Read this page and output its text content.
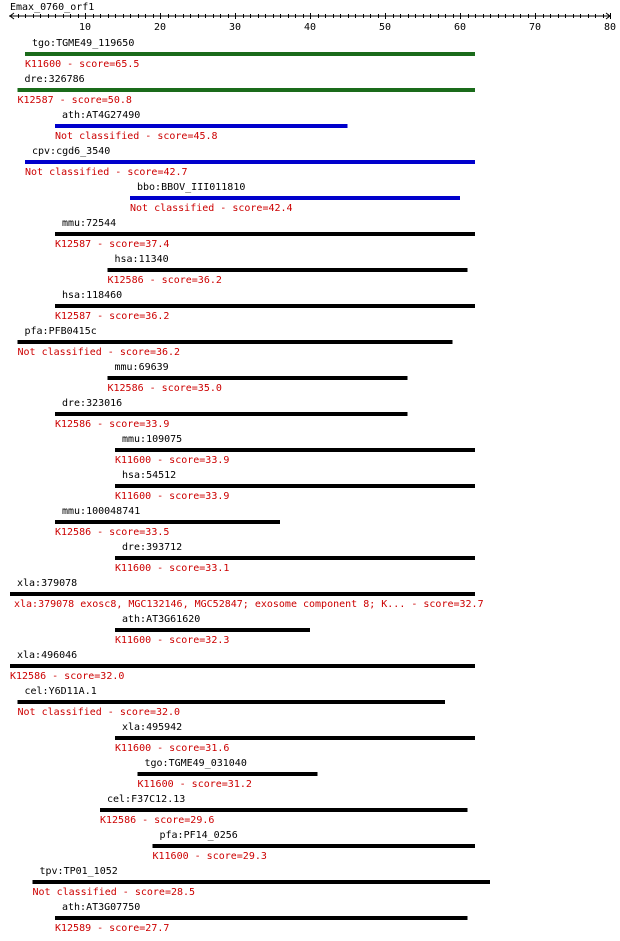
Emax_0760_orf1
10	20	30	40	50	60	70	80
tgo:TGME49_119650
K11600 - score=65.5
dre:326786
K12587 - score=50.8
ath:AT4G27490
Not classified - score=45.8
cpv:cgd6_3540
Not classified - score=42.7
bbo:BBOV_III011810
Not classified - score=42.4
mmu:72544
K12587 - score=37.4
hsa:11340
K12586 - score=36.2
hsa:118460
K12587 - score=36.2
pfa:PFB0415c
Not classified - score=36.2
mmu:69639
K12586 - score=35.0
dre:323016
K12586 - score=33.9
mmu:109075
K11600 - score=33.9
hsa:54512
K11600 - score=33.9
mmu:100048741
K12586 - score=33.5
dre:393712
K11600 - score=33.1
xla:379078
xla:379078 exosc8, MGC132146, MGC52847; exosome component 8; K... - score=32.7
ath:AT3G61620
K11600 - score=32.3
xla:496046
K12586 - score=32.0
cel:Y6D11A.1
Not classified - score=32.0
xla:495942
K11600 - score=31.6
tgo:TGME49_031040
K11600 - score=31.2
cel:F37C12.13
K12586 - score=29.6
pfa:PF14_0256
K11600 - score=29.3
tpv:TP01_1052
Not classified - score=28.5
ath:AT3G07750
K12589 - score=27.7
